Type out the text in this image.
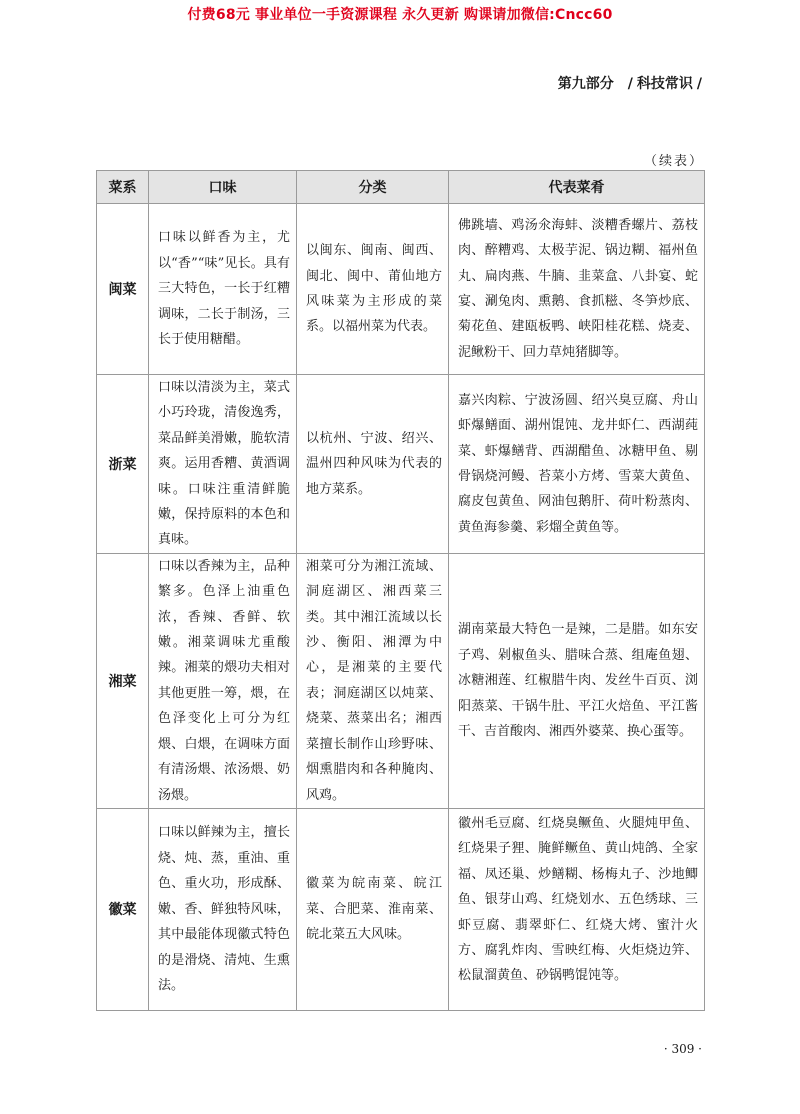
付费68元 事业单位一手资源课程 永久更新 购课请加微信:Cncc60
第九部分 / 科技常识 /
（续表）
菜系	口味	分类	代表菜肴
闽菜	口味以鲜香为主，尤以“香”“味”见长。具有三大特色，一长于红糟调味，二长于制汤，三长于使用糖醋。	以闽东、闽南、闽西、闽北、闽中、莆仙地方风味菜为主形成的菜系。以福州菜为代表。	佛跳墙、鸡汤氽海蚌、淡糟香螺片、荔枝肉、醉糟鸡、太极芋泥、锅边糊、福州鱼丸、扁肉燕、牛腩、韭菜盒、八卦宴、蛇宴、涮兔肉、熏鹅、食抓糍、冬笋炒底、菊花鱼、建瓯板鸭、峡阳桂花糕、烧麦、泥鳅粉干、回力草炖猪脚等。

浙菜	口味以清淡为主，菜式小巧玲珑，清俊逸秀，菜品鲜美滑嫩，脆软清爽。运用香糟、黄酒调味。口味注重清鲜脆嫩，保持原料的本色和真味。	以杭州、宁波、绍兴、温州四种风味为代表的地方菜系。	嘉兴肉粽、宁波汤圆、绍兴臭豆腐、舟山虾爆鳝面、湖州馄饨、龙井虾仁、西湖莼菜、虾爆鳝背、西湖醋鱼、冰糖甲鱼、剔骨锅烧河鳗、苔菜小方烤、雪菜大黄鱼、腐皮包黄鱼、网油包鹅肝、荷叶粉蒸肉、黄鱼海参羹、彩熘全黄鱼等。

湘菜	口味以香辣为主，品种繁多。色泽上油重色浓，香辣、香鲜、软嫩。湘菜调味尤重酸辣。湘菜的煨功夫相对其他更胜一筹，煨，在色泽变化上可分为红煨、白煨，在调味方面有清汤煨、浓汤煨、奶汤煨。	湘菜可分为湘江流域、洞庭湖区、湘西菜三类。其中湘江流域以长沙、衡阳、湘潭为中心，是湘菜的主要代表；洞庭湖区以炖菜、烧菜、蒸菜出名；湘西菜擅长制作山珍野味、烟熏腊肉和各种腌肉、风鸡。	湖南菜最大特色一是辣，二是腊。如东安子鸡、剁椒鱼头、腊味合蒸、组庵鱼翅、冰糖湘莲、红椒腊牛肉、发丝牛百页、浏阳蒸菜、干锅牛肚、平江火焙鱼、平江酱干、吉首酸肉、湘西外婆菜、换心蛋等。

徽菜	口味以鲜辣为主，擅长烧、炖、蒸，重油、重色、重火功，形成酥、嫩、香、鲜独特风味，其中最能体现徽式特色的是滑烧、清炖、生熏法。	徽菜为皖南菜、皖江菜、合肥菜、淮南菜、皖北菜五大风味。	徽州毛豆腐、红烧臭鳜鱼、火腿炖甲鱼、红烧果子狸、腌鲜鳜鱼、黄山炖鸽、全家福、凤还巢、炒鳝糊、杨梅丸子、沙地鲫鱼、银芽山鸡、红烧划水、五色绣球、三虾豆腐、翡翠虾仁、红烧大烤、蜜汁火方、腐乳炸肉、雪映红梅、火炬烧边笄、松鼠溜黄鱼、砂锅鸭馄饨等。
· 309 ·
